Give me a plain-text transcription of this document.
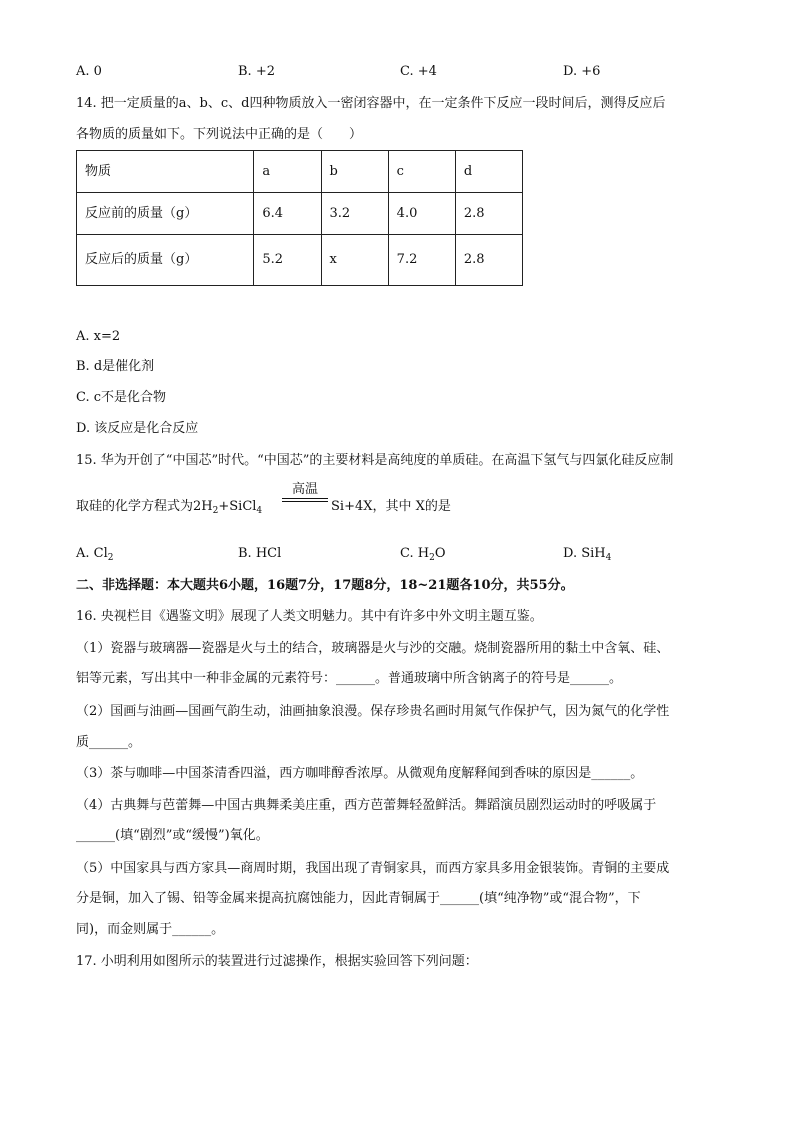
A. 0	B. +2	C. +4	D. +6
14. 把一定质量的a、b、c、d四种物质放入一密闭容器中，在一定条件下反应一段时间后，测得反应后
各物质的质量如下。下列说法中正确的是（　　）
物质	a	b	c	d
反应前的质量（g）	6.4	3.2	4.0	2.8
反应后的质量（g）	5.2	x	7.2	2.8
A. x=2
B. d是催化剂
C. c不是化合物
D. 该反应是化合反应
15. 华为开创了“中国芯”时代。“中国芯”的主要材料是高纯度的单质硅。在高温下氢气与四氯化硅反应制
取硅的化学方程式为$2H_2+SiCl_4$
高温
Si+4X，其中 X的是
A. $Cl_2$	B. HCl	C. $H_2O$	D. SiH$_4$
二、非选择题：本大题共6小题，16题7分，17题8分，18~21题各10分，共55分。
16. 央视栏目《遇鉴文明》展现了人类文明魅力。其中有许多中外文明主题互鉴。
（1）瓷器与玻璃器—瓷器是火与土的结合，玻璃器是火与沙的交融。烧制瓷器所用的黏土中含氧、硅、
铝等元素，写出其中一种非金属的元素符号：______。普通玻璃中所含钠离子的符号是______。
（2）国画与油画—国画气韵生动，油画抽象浪漫。保存珍贵名画时用氮气作保护气，因为氮气的化学性
质______。
（3）茶与咖啡—中国茶清香四溢，西方咖啡醇香浓厚。从微观角度解释闻到香味的原因是______。
（4）古典舞与芭蕾舞—中国古典舞柔美庄重，西方芭蕾舞轻盈鲜活。舞蹈演员剧烈运动时的呼吸属于
______(填“剧烈”或“缓慢”)氧化。
（5）中国家具与西方家具—商周时期，我国出现了青铜家具，而西方家具多用金银装饰。青铜的主要成
分是铜，加入了锡、铅等金属来提高抗腐蚀能力，因此青铜属于______(填“纯净物”或“混合物”，下
同)，而金则属于______。
17. 小明利用如图所示的装置进行过滤操作，根据实验回答下列问题：
